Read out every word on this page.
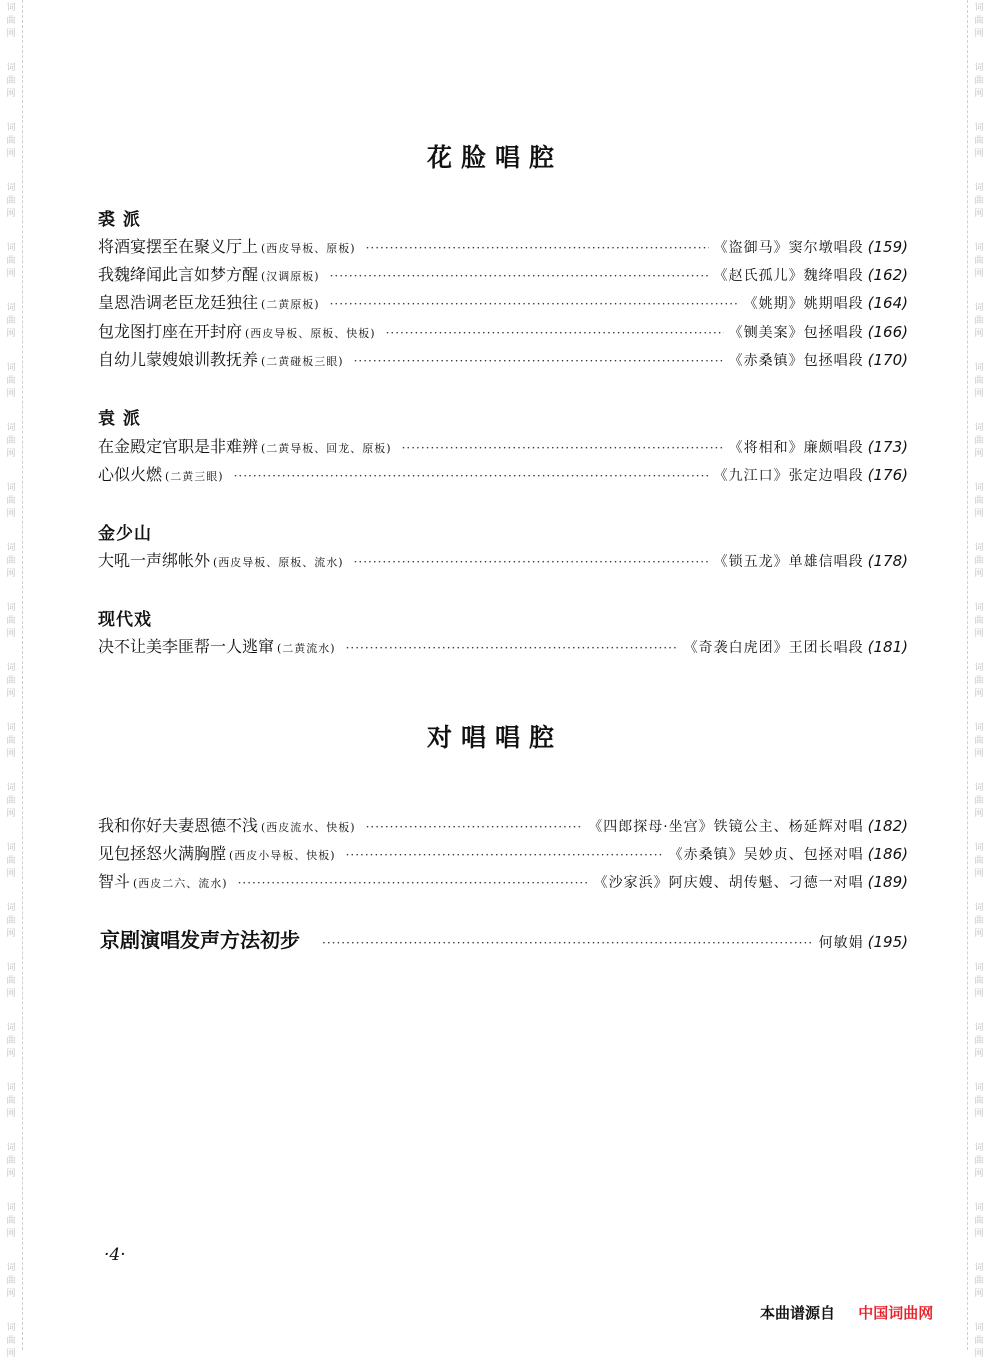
词
曲
网
词
曲
网
词
曲
网
词
曲
网
词
曲
网
词
曲
网
词
曲
网
词
曲
网
词
曲
网
词
曲
网
词
曲
网
词
曲
网
词
曲
网
词
曲
网
词
曲
网
词
曲
网
词
曲
网
词
曲
网
词
曲
网
词
曲
网
词
曲
网
词
曲
网
词
曲
网
词
曲
网
词
曲
网
词
曲
网
词
曲
网
词
曲
网
词
曲
网
词
曲
网
词
曲
网
词
曲
网
词
曲
网
词
曲
网
词
曲
网
词
曲
网
词
曲
网
词
曲
网
词
曲
网
词
曲
网
词
曲
网
词
曲
网
词
曲
网
词
曲
网
词
曲
网
词
曲
网
花脸唱腔
裘 派
将酒宴摆至在聚义厅上 (西皮导板、原板) ·····	《盗御马》窦尔墩唱段 (159)
我魏绛闻此言如梦方醒 (汉调原板) ·····	《赵氏孤儿》魏绛唱段 (162)
皇恩浩调老臣龙廷独往 (二黄原板) ·····	《姚期》姚期唱段 (164)
包龙图打座在开封府 (西皮导板、原板、快板) ·····	《铡美案》包拯唱段 (166)
自幼儿蒙嫂娘训教抚养 (二黄碰板三眼) ·····	《赤桑镇》包拯唱段 (170)
袁 派
在金殿定官职是非难辨 (二黄导板、回龙、原板) ·····	《将相和》廉颇唱段 (173)
心似火燃 (二黄三眼) ·····	《九江口》张定边唱段 (176)
金少山
大吼一声绑帐外 (西皮导板、原板、流水) ·····	《锁五龙》单雄信唱段 (178)
现代戏
决不让美李匪帮一人逃窜 (二黄流水) ·····	《奇袭白虎团》王团长唱段 (181)
对唱唱腔
我和你好夫妻恩德不浅 (西皮流水、快板) ·····	《四郎探母·坐宫》铁镜公主、杨延辉对唱 (182)
见包拯怒火满胸膛 (西皮小导板、快板) ·····	《赤桑镇》吴妙贞、包拯对唱 (186)
智斗 (西皮二六、流水) ·····	《沙家浜》阿庆嫂、胡传魁、刁德一对唱 (189)
京剧演唱发声方法初步 ·····	何敏娟 (195)
·4·
本曲谱源自 中国词曲网
